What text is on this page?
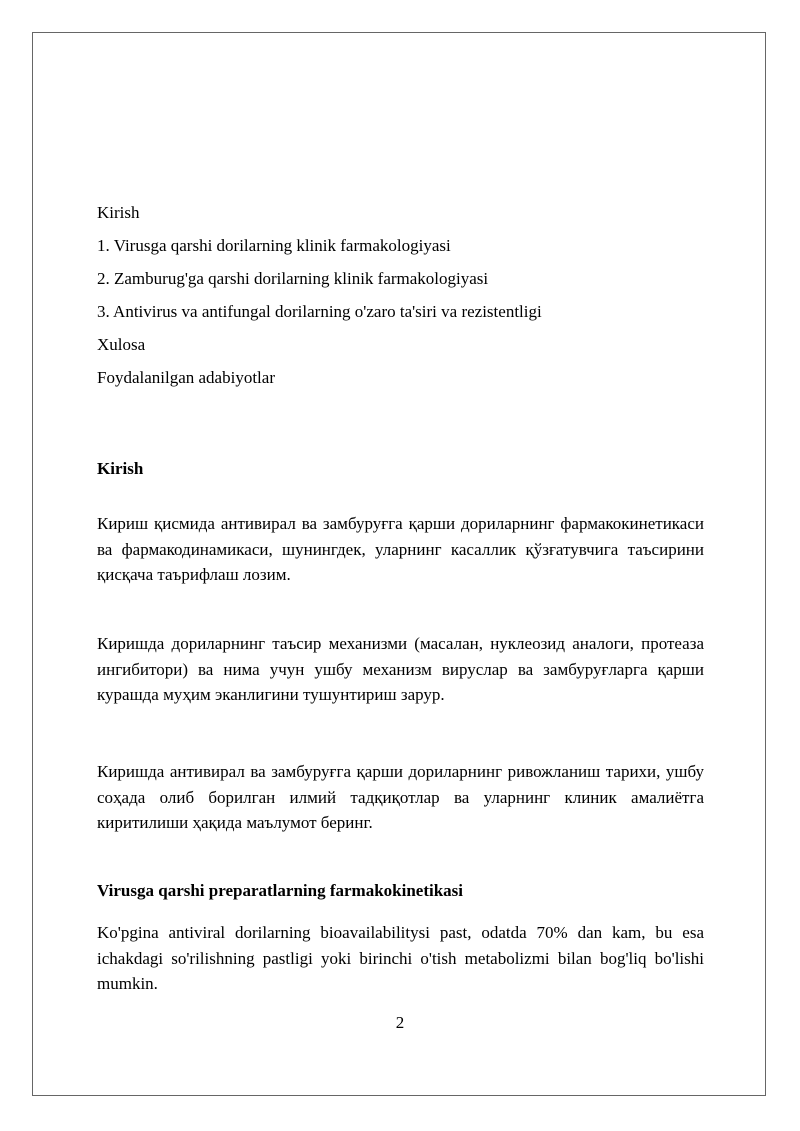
Kirish
1. Virusga qarshi dorilarning klinik farmakologiyasi
2. Zamburug'ga qarshi dorilarning klinik farmakologiyasi
3. Antivirus va antifungal dorilarning o'zaro ta'siri va rezistentligi
Xulosa
Foydalanilgan adabiyotlar
Kirish

Кириш қисмида антивирал ва замбуруғга қарши дориларнинг фармакокинетикаси ва фармакодинамикаси, шунингдек, уларнинг касаллик қўзғатувчига таъсирини қисқача таърифлаш лозим.

Киришда дориларнинг таъсир механизми (масалан, нуклеозид аналоги, протеаза ингибитори) ва нима учун ушбу механизм вируслар ва замбуруғларга қарши курашда муҳим эканлигини тушунтириш зарур.

Киришда антивирал ва замбуруғга қарши дориларнинг ривожланиш тарихи, ушбу соҳада олиб борилган илмий тадқиқотлар ва уларнинг клиник амалиётга киритилиши ҳақида маълумот беринг.

Virusga qarshi preparatlarning farmakokinetikasi

Ko'pgina antiviral dorilarning bioavailabilitysi past, odatda 70% dan kam, bu esa ichakdagi so'rilishning pastligi yoki birinchi o'tish metabolizmi bilan bog'liq bo'lishi mumkin.

2
